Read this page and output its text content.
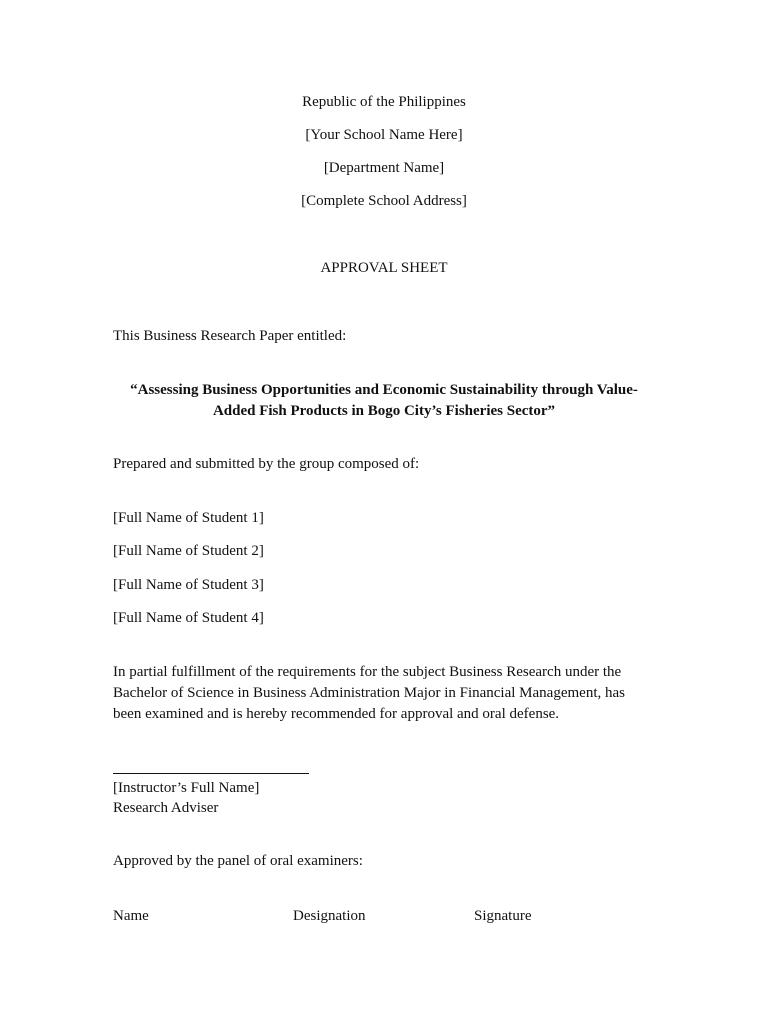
Republic of the Philippines
[Your School Name Here]
[Department Name]
[Complete School Address]
APPROVAL SHEET
This Business Research Paper entitled:
“Assessing Business Opportunities and Economic Sustainability through Value-Added Fish Products in Bogo City’s Fisheries Sector”
Prepared and submitted by the group composed of:
[Full Name of Student 1]
[Full Name of Student 2]
[Full Name of Student 3]
[Full Name of Student 4]
In partial fulfillment of the requirements for the subject Business Research under the Bachelor of Science in Business Administration Major in Financial Management, has been examined and is hereby recommended for approval and oral defense.
[Instructor’s Full Name]
Research Adviser
Approved by the panel of oral examiners:
Name	Designation	Signature
